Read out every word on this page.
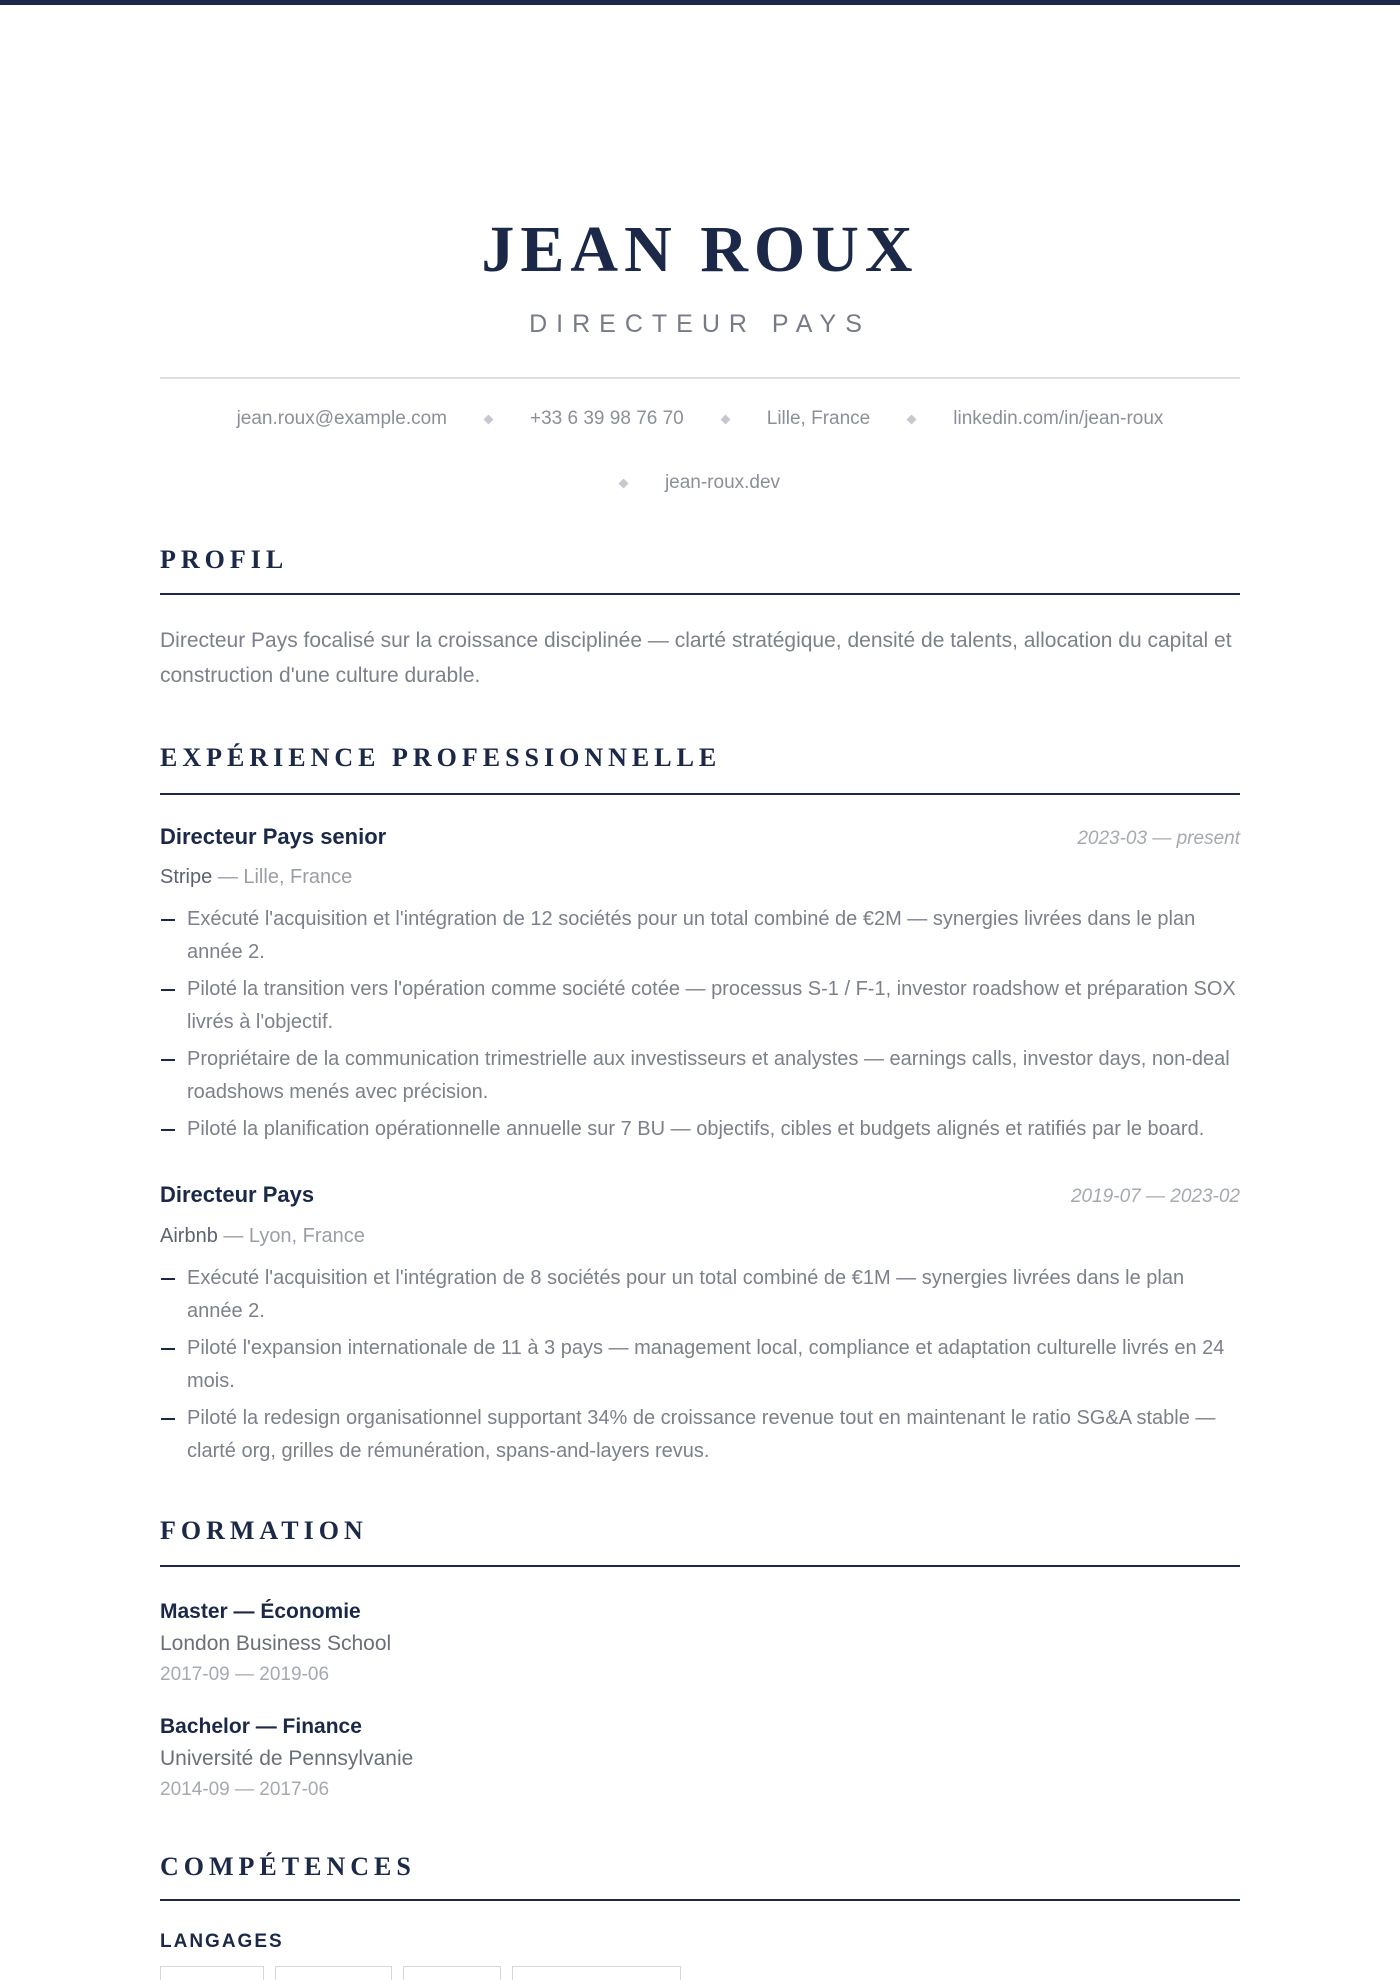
JEAN ROUX
DIRECTEUR PAYS
jean.roux@example.com	+33 6 39 98 76 70	Lille, France	linkedin.com/in/jean-roux
jean-roux.dev
PROFIL

Directeur Pays focalisé sur la croissance disciplinée — clarté stratégique, densité de talents, allocation du capital et construction d'une culture durable.

EXPÉRIENCE PROFESSIONNELLE
Directeur Pays senior	2023-03 — present
Stripe — Lille, France
Exécuté l'acquisition et l'intégration de 12 sociétés pour un total combiné de €2M — synergies livrées dans le plan année 2.
Piloté la transition vers l'opération comme société cotée — processus S-1 / F-1, investor roadshow et préparation SOX livrés à l'objectif.
Propriétaire de la communication trimestrielle aux investisseurs et analystes — earnings calls, investor days, non-deal roadshows menés avec précision.
Piloté la planification opérationnelle annuelle sur 7 BU — objectifs, cibles et budgets alignés et ratifiés par le board.
Directeur Pays	2019-07 — 2023-02
Airbnb — Lyon, France
Exécuté l'acquisition et l'intégration de 8 sociétés pour un total combiné de €1M — synergies livrées dans le plan année 2.
Piloté l'expansion internationale de 11 à 3 pays — management local, compliance et adaptation culturelle livrés en 24 mois.
Piloté la redesign organisationnel supportant 34% de croissance revenue tout en maintenant le ratio SG&A stable — clarté org, grilles de rémunération, spans-and-layers revus.
FORMATION
Master — Économie
London Business School
2017-09 — 2019-06
Bachelor — Finance
Université de Pennsylvanie
2014-09 — 2017-06
COMPÉTENCES
LANGAGES
